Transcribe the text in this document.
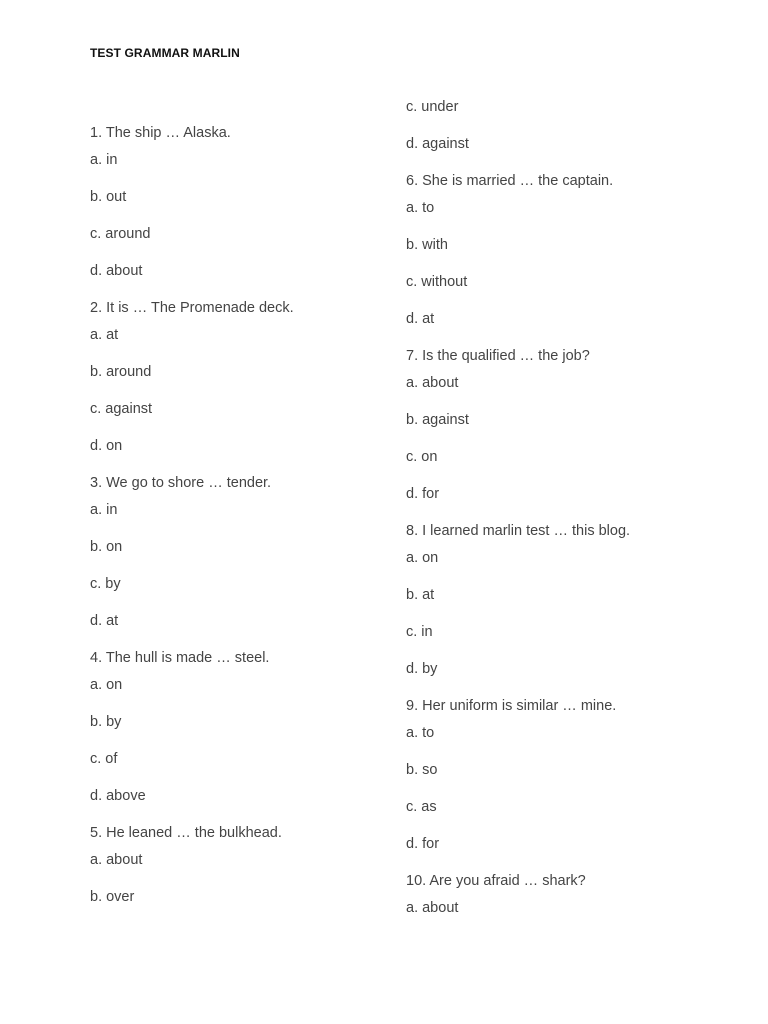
TEST GRAMMAR MARLIN
1. The ship … Alaska.
a. in
b. out
c. around
d. about
2. It is … The Promenade deck.
a. at
b. around
c. against
d. on
3. We go to shore … tender.
a. in
b. on
c. by
d. at
4. The hull is made … steel.
a. on
b. by
c. of
d. above
5. He leaned … the bulkhead.
a. about
b. over
c. under
d. against
6. She is married … the captain.
a. to
b. with
c. without
d. at
7. Is the qualified … the job?
a. about
b. against
c. on
d. for
8. I learned marlin test … this blog.
a. on
b. at
c. in
d. by
9. Her uniform is similar … mine.
a. to
b. so
c. as
d. for
10. Are you afraid … shark?
a. about
